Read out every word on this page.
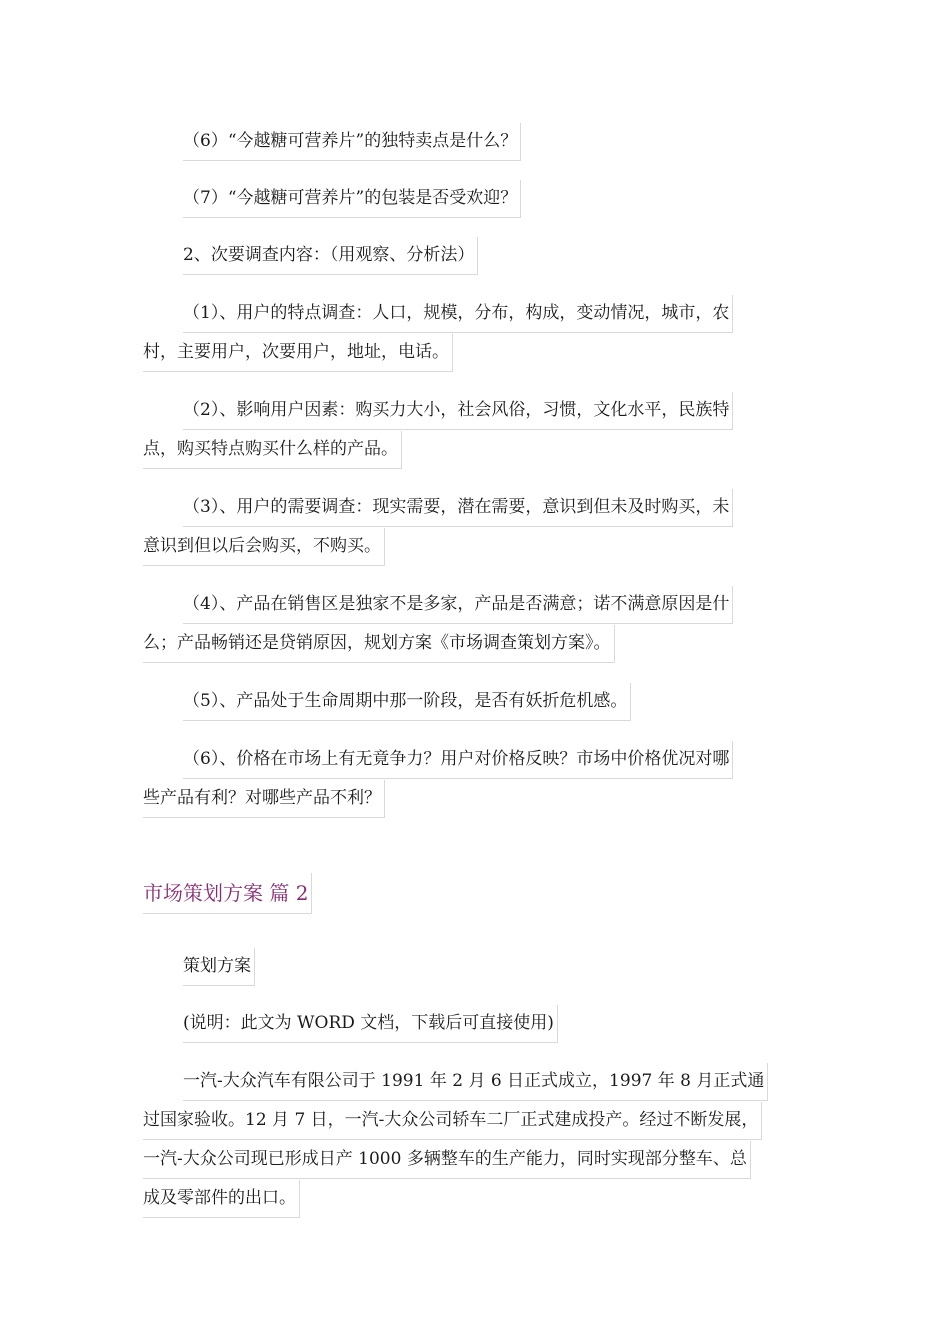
（6）“今越糖可营养片”的独特卖点是什么？
（7）“今越糖可营养片”的包装是否受欢迎？
2、次要调查内容：（用观察、分析法）
（1）、用户的特点调查：人口，规模，分布，构成，变动情况，城市，农
村，主要用户，次要用户，地址，电话。
（2）、影响用户因素：购买力大小，社会风俗，习惯，文化水平，民族特
点，购买特点购买什么样的产品。
（3）、用户的需要调查：现实需要，潜在需要，意识到但未及时购买，未
意识到但以后会购买，不购买。
（4）、产品在销售区是独家不是多家，产品是否满意；诺不满意原因是什
么；产品畅销还是贷销原因，规划方案《市场调查策划方案》。
（5）、产品处于生命周期中那一阶段，是否有妖折危机感。
（6）、价格在市场上有无竟争力？用户对价格反映？市场中价格优况对哪
些产品有利？对哪些产品不利？
市场策划方案 篇 2
策划方案
(说明：此文为 WORD 文档，下载后可直接使用)
一汽-大众汽车有限公司于 1991 年 2 月 6 日正式成立，1997 年 8 月正式通
过国家验收。12 月 7 日，一汽-大众公司轿车二厂正式建成投产。经过不断发展，
一汽-大众公司现已形成日产 1000 多辆整车的生产能力，同时实现部分整车、总
成及零部件的出口。
